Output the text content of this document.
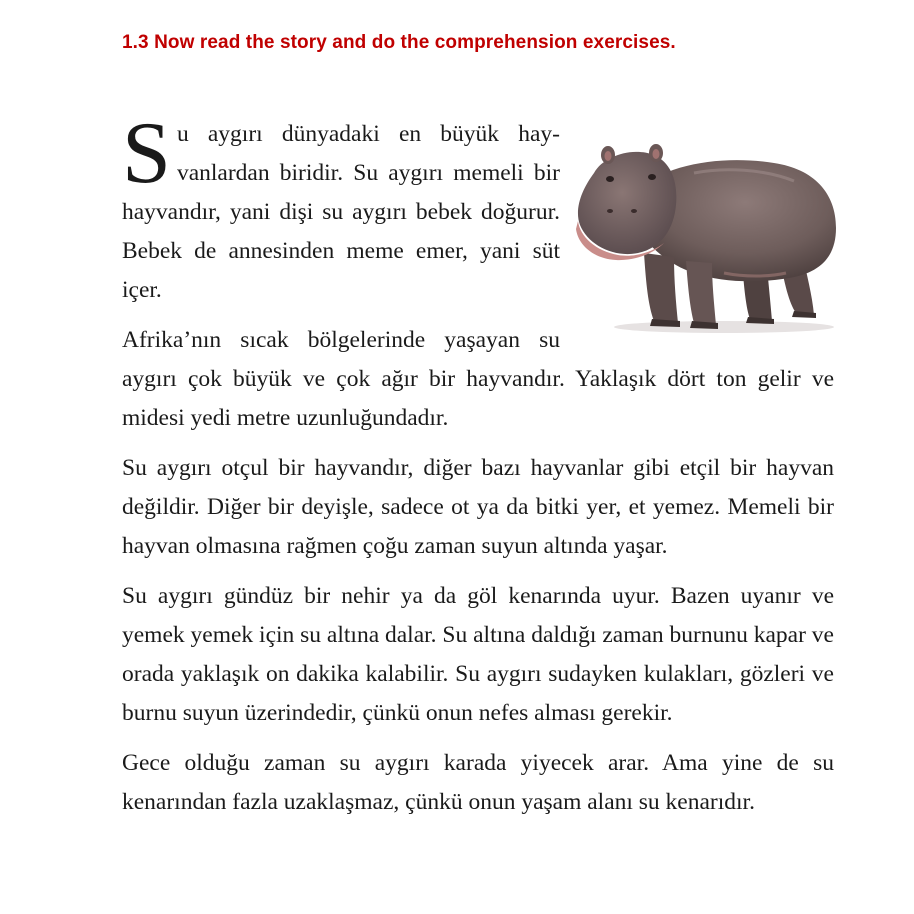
1.3 Now read the story and do the comprehension exercises.

Su aygırı dünyadaki en büyük hayvanlardan biridir. Su aygırı memeli bir hayvandır, yani dişi su aygırı bebek doğurur. Bebek de annesinden meme emer, yani süt içer.

Afrika’nın sıcak bölgelerinde yaşayan su aygırı çok büyük ve çok ağır bir hayvandır. Yaklaşık dört ton gelir ve midesi yedi metre uzunluğundadır.

Su aygırı otçul bir hayvandır, diğer bazı hayvanlar gibi etçil bir hayvan değildir. Diğer bir deyişle, sadece ot ya da bitki yer, et yemez. Memeli bir hayvan olmasına rağmen çoğu zaman suyun altında yaşar.

Su aygırı gündüz bir nehir ya da göl kenarında uyur. Bazen uyanır ve yemek yemek için su altına dalar. Su altına daldığı zaman burnunu kapar ve orada yaklaşık on dakika kalabilir. Su aygırı sudayken kulakları, gözleri ve burnu suyun üzerindedir, çünkü onun nefes alması gerekir.

Gece olduğu zaman su aygırı karada yiyecek arar. Ama yine de su kenarından fazla uzaklaşmaz, çünkü onun yaşam alanı su kenarıdır.
